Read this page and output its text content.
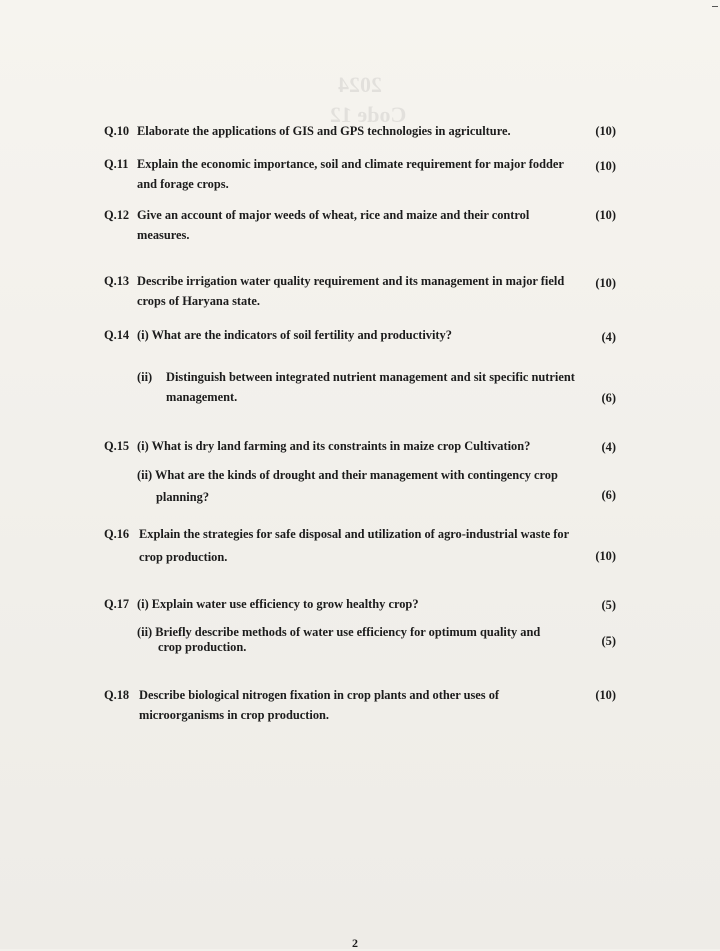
2024
Code 12
Q.10 Elaborate the applications of GIS and GPS technologies in agriculture.	(10)
Q.11 Explain the economic importance, soil and climate requirement for major fodder and forage crops.
(10)
Q.12 Give an account of major weeds of wheat, rice and maize and their control measures.
(10)
Q.13 Describe irrigation water quality requirement and its management in major field crops of Haryana state.
(10)
Q.14 (i) What are the indicators of soil fertility and productivity?	(4)
(ii) Distinguish between integrated nutrient management and sit specific nutrient
management.	(6)
Q.15 (i) What is dry land farming and its constraints in maize crop Cultivation?	(4)
(ii) What are the kinds of drought and their management with contingency crop
planning?	(6)
Q.16 Explain the strategies for safe disposal and utilization of agro-industrial waste for
crop production.	(10)
Q.17 (i) Explain water use efficiency to grow healthy crop?	(5)
(ii) Briefly describe methods of water use efficiency for optimum quality and
crop production.	(5)
Q.18 Describe biological nitrogen fixation in crop plants and other uses of
microorganisms in crop production.
(10)
2
